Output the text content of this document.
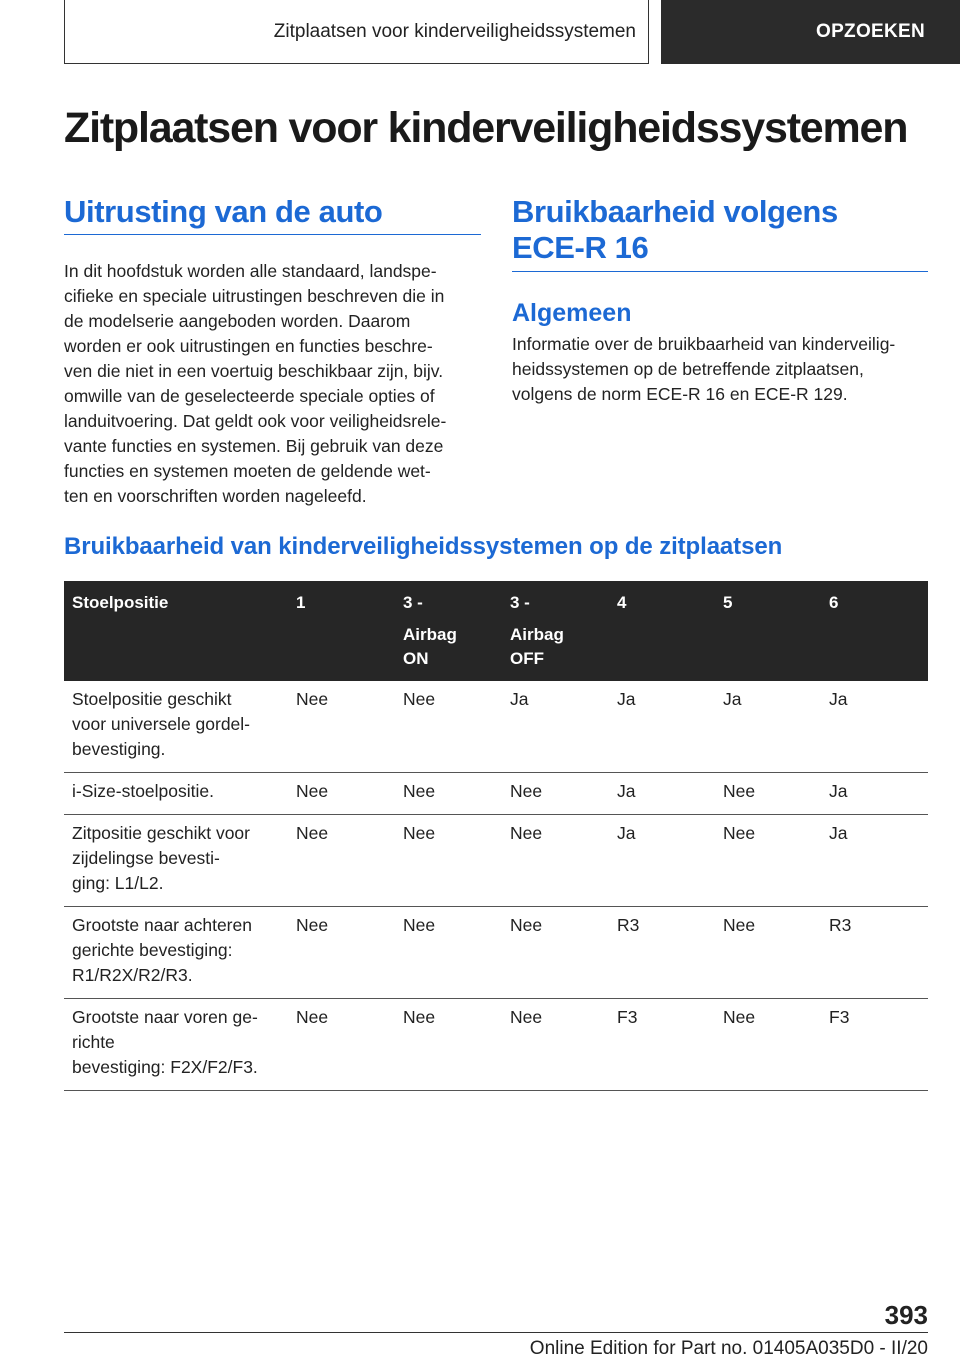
Zitplaatsen voor kinderveiligheidssystemen	OPZOEKEN
Zitplaatsen voor kinderveiligheidssystemen
Uitrusting van de auto

In dit hoofdstuk worden alle standaard, landspe-
cifieke en speciale uitrustingen beschreven die in
de modelserie aangeboden worden. Daarom
worden er ook uitrustingen en functies beschre-
ven die niet in een voertuig beschikbaar zijn, bijv.
omwille van de geselecteerde speciale opties of
landuitvoering. Dat geldt ook voor veiligheidsrele-
vante functies en systemen. Bij gebruik van deze
functies en systemen moeten de geldende wet-
ten en voorschriften worden nageleefd.

Bruikbaarheid volgens
ECE-R 16
Algemeen

Informatie over de bruikbaarheid van kinderveilig-
heidssystemen op de betreffende zitplaatsen,
volgens de norm ECE-R 16 en ECE-R 129.

Bruikbaarheid van kinderveiligheidssystemen op de zitplaatsen
Stoelpositie	1	3 -
Airbag
ON	3 -
Airbag
OFF	4	5	6
Stoelpositie geschikt
voor universele gordel-
bevestiging.	Nee	Nee	Ja	Ja	Ja	Ja
i-Size-stoelpositie.	Nee	Nee	Nee	Ja	Nee	Ja
Zitpositie geschikt voor
zijdelingse bevesti-
ging: L1/L2.	Nee	Nee	Nee	Ja	Nee	Ja
Grootste naar achteren
gerichte bevestiging:
R1/R2X/R2/R3.	Nee	Nee	Nee	R3	Nee	R3
Grootste naar voren ge-
richte
bevestiging: F2X/F2/F3.	Nee	Nee	Nee	F3	Nee	F3
393
Online Edition for Part no. 01405A035D0 - II/20
